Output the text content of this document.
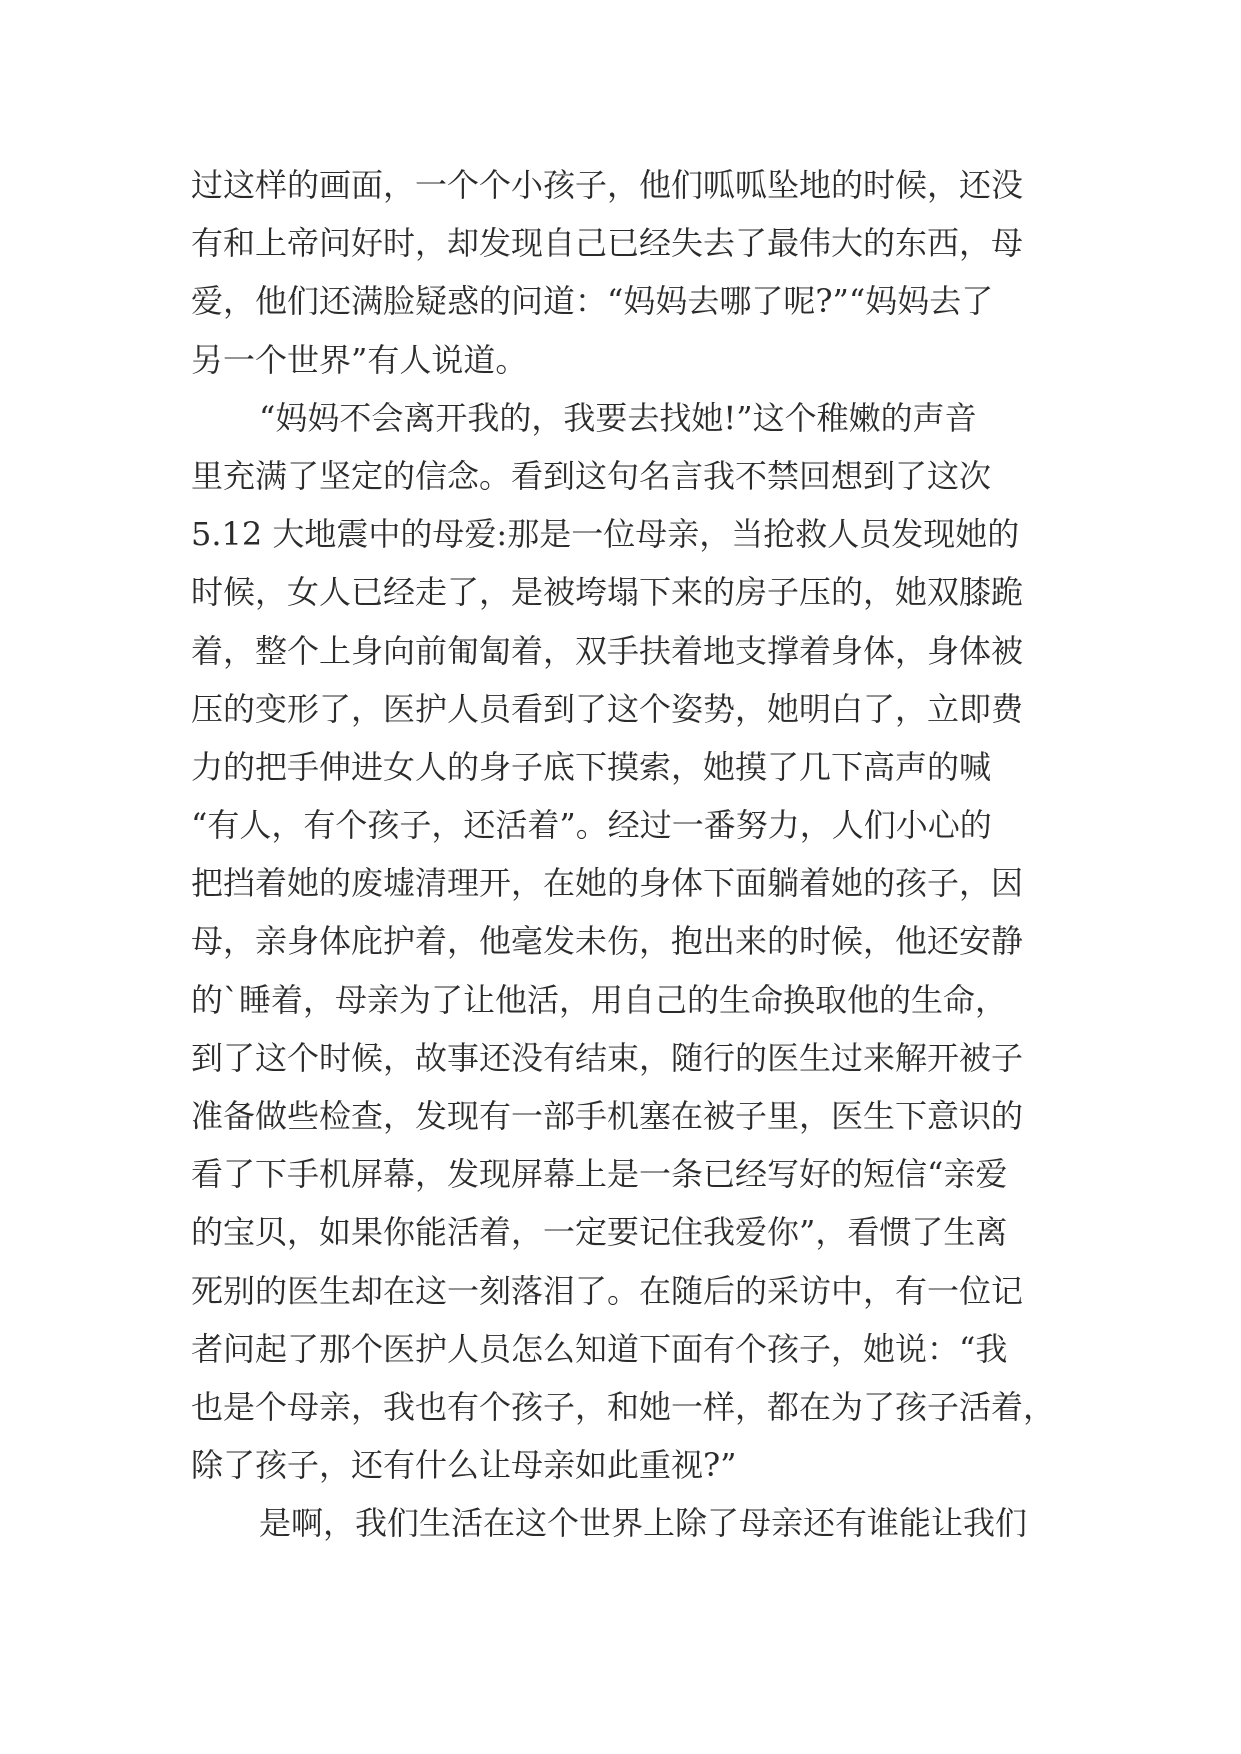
过这样的画面，一个个小孩子，他们呱呱坠地的时候，还没
有和上帝问好时，却发现自己已经失去了最伟大的东西，母
爱，他们还满脸疑惑的问道：“妈妈去哪了呢?”“妈妈去了
另一个世界”有人说道。
“妈妈不会离开我的，我要去找她!”这个稚嫩的声音
里充满了坚定的信念。看到这句名言我不禁回想到了这次
5.12 大地震中的母爱:那是一位母亲，当抢救人员发现她的
时候，女人已经走了，是被垮塌下来的房子压的，她双膝跪
着，整个上身向前匍匐着，双手扶着地支撑着身体，身体被
压的变形了，医护人员看到了这个姿势，她明白了，立即费
力的把手伸进女人的身子底下摸索，她摸了几下高声的喊
“有人，有个孩子，还活着”。经过一番努力，人们小心的
把挡着她的废墟清理开，在她的身体下面躺着她的孩子，因
母，亲身体庇护着，他毫发未伤，抱出来的时候，他还安静
的`睡着，母亲为了让他活，用自己的生命换取他的生命，
到了这个时候，故事还没有结束，随行的医生过来解开被子
准备做些检查，发现有一部手机塞在被子里，医生下意识的
看了下手机屏幕，发现屏幕上是一条已经写好的短信“亲爱
的宝贝，如果你能活着，一定要记住我爱你”，看惯了生离
死别的医生却在这一刻落泪了。在随后的采访中，有一位记
者问起了那个医护人员怎么知道下面有个孩子，她说：“我
也是个母亲，我也有个孩子，和她一样，都在为了孩子活着，
除了孩子，还有什么让母亲如此重视?”
是啊，我们生活在这个世界上除了母亲还有谁能让我们
